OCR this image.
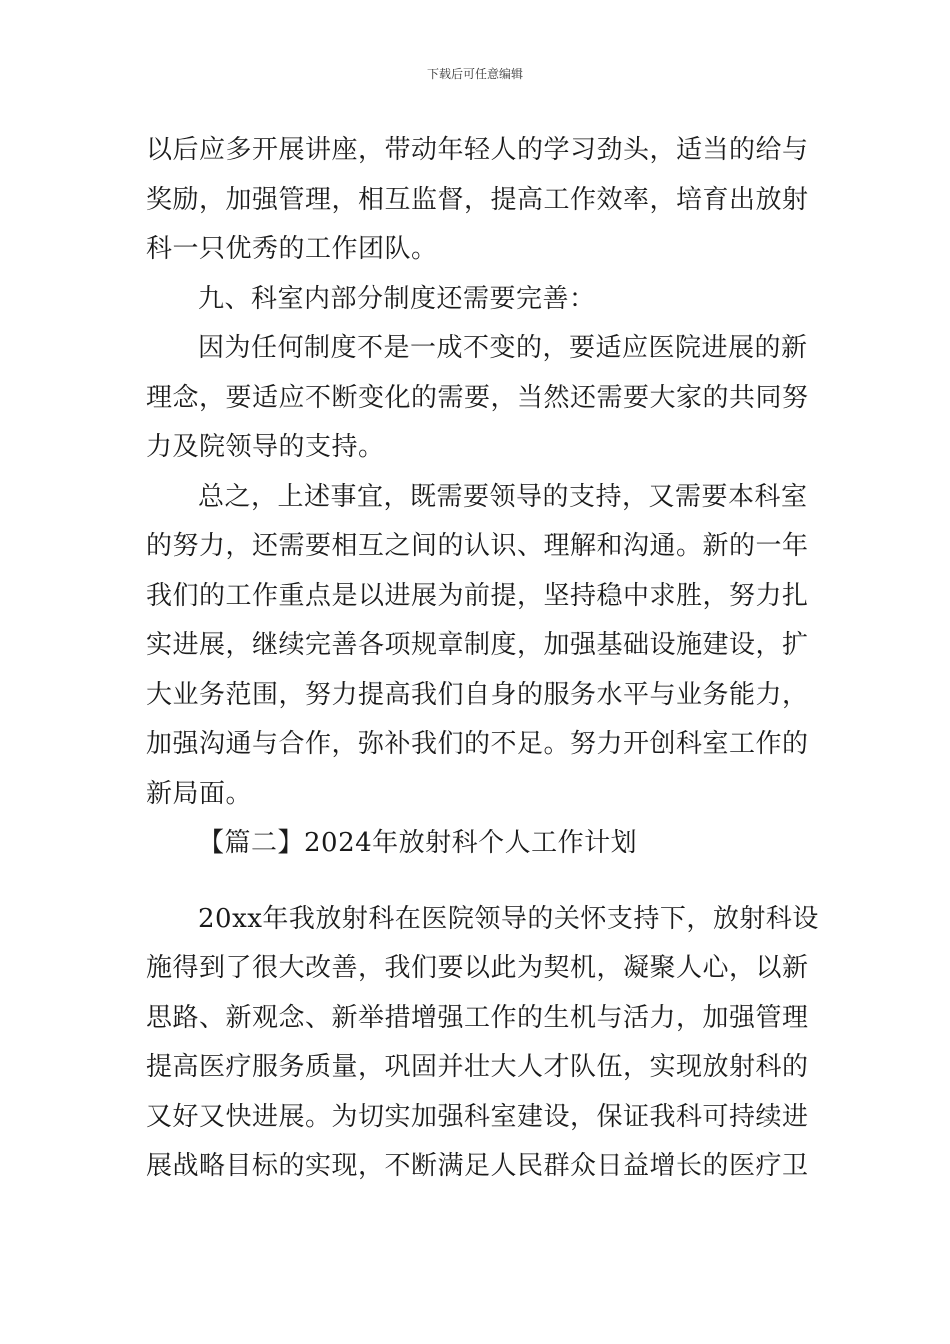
下载后可任意编辑
以后应多开展讲座，带动年轻人的学习劲头，适当的给与
奖励，加强管理，相互监督，提高工作效率，培育出放射
科一只优秀的工作团队。
九、科室内部分制度还需要完善：
因为任何制度不是一成不变的，要适应医院进展的新
理念，要适应不断变化的需要，当然还需要大家的共同努
力及院领导的支持。
总之，上述事宜，既需要领导的支持，又需要本科室
的努力，还需要相互之间的认识、理解和沟通。新的一年
我们的工作重点是以进展为前提，坚持稳中求胜，努力扎
实进展，继续完善各项规章制度，加强基础设施建设，扩
大业务范围，努力提高我们自身的服务水平与业务能力，
加强沟通与合作，弥补我们的不足。努力开创科室工作的
新局面。
【篇二】2024年放射科个人工作计划
20xx年我放射科在医院领导的关怀支持下，放射科设
施得到了很大改善，我们要以此为契机，凝聚人心，以新
思路、新观念、新举措增强工作的生机与活力，加强管理
提高医疗服务质量，巩固并壮大人才队伍，实现放射科的
又好又快进展。为切实加强科室建设，保证我科可持续进
展战略目标的实现，不断满足人民群众日益增长的医疗卫
